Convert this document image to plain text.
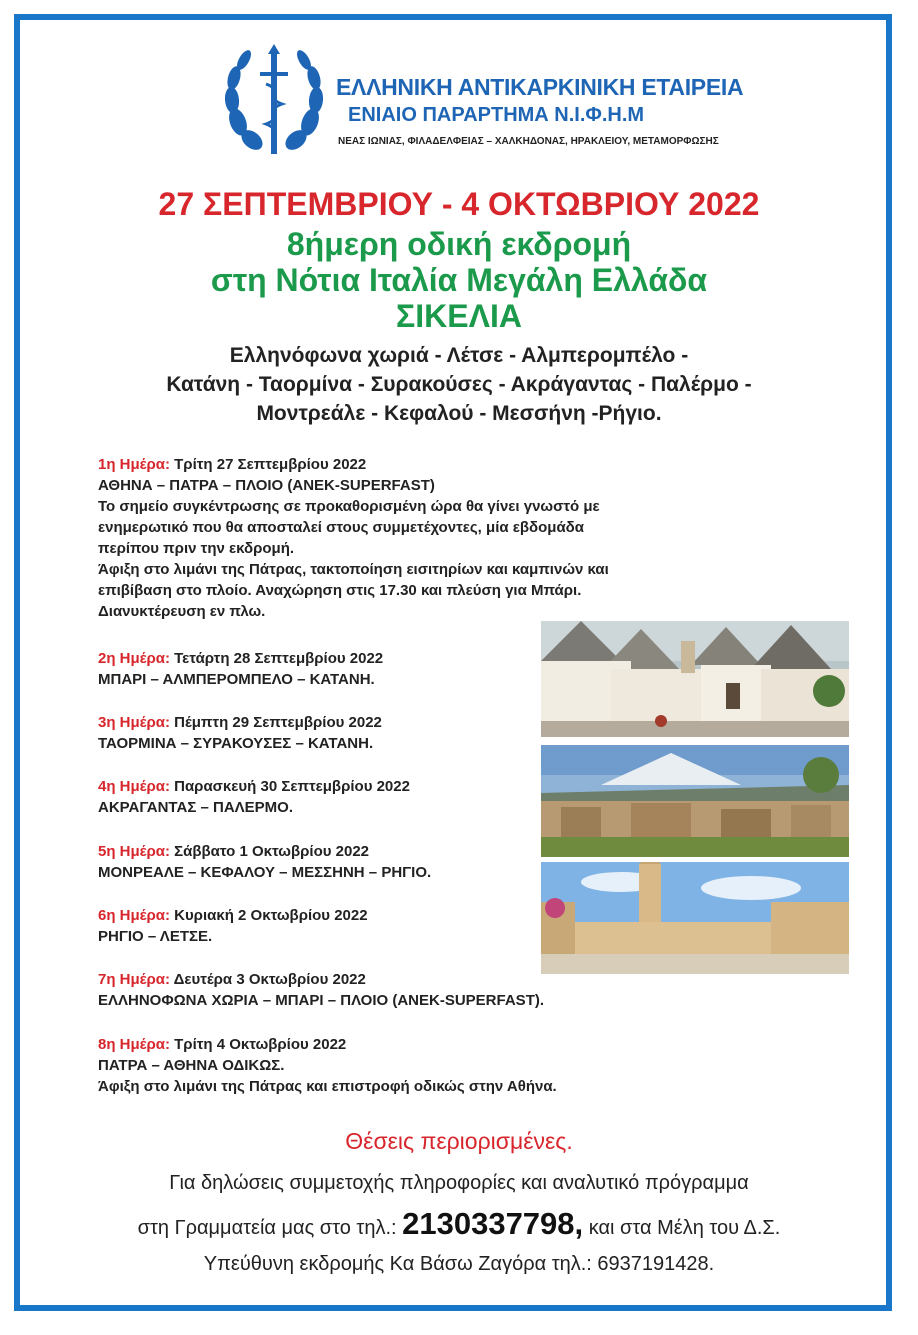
ΕΛΛΗΝΙΚΗ ΑΝΤΙΚΑΡΚΙΝΙΚΗ ΕΤΑΙΡΕΙΑ
ΕΝΙΑΙΟ ΠΑΡΑΡΤΗΜΑ Ν.Ι.Φ.Η.Μ
ΝΕΑΣ ΙΩΝΙΑΣ, ΦΙΛΑΔΕΛΦΕΙΑΣ – ΧΑΛΚΗΔΟΝΑΣ, ΗΡΑΚΛΕΙΟΥ, ΜΕΤΑΜΟΡΦΩΣΗΣ
27 ΣΕΠΤΕΜΒΡΙΟΥ - 4 ΟΚΤΩΒΡΙΟΥ 2022
8ήμερη οδική εκδρομή
στη Νότια Ιταλία Μεγάλη Ελλάδα
ΣΙΚΕΛΙΑ
Ελληνόφωνα χωριά - Λέτσε - Αλμπερομπέλο -
Κατάνη - Ταορμίνα - Συρακούσες - Ακράγαντας - Παλέρμο -
Μοντρεάλε - Κεφαλού - Μεσσήνη -Ρήγιο.
1η Ημέρα: Τρίτη 27 Σεπτεμβρίου 2022
ΑΘΗΝΑ – ΠΑΤΡΑ – ΠΛΟΙΟ (ANEK-SUPERFAST)
Το σημείο συγκέντρωσης σε προκαθορισμένη ώρα θα γίνει γνωστό με
ενημερωτικό που θα αποσταλεί στους συμμετέχοντες, μία εβδομάδα
περίπου πριν την εκδρομή.
Άφιξη στο λιμάνι της Πάτρας, τακτοποίηση εισιτηρίων και καμπινών και
επιβίβαση στο πλοίο. Αναχώρηση στις 17.30 και πλεύση για Μπάρι.
Διανυκτέρευση εν πλω.
2η Ημέρα: Τετάρτη 28 Σεπτεμβρίου 2022
ΜΠΑΡΙ – ΑΛΜΠΕΡΟΜΠΕΛΟ – ΚΑΤΑΝΗ.
3η Ημέρα: Πέμπτη 29 Σεπτεμβρίου 2022
ΤΑΟΡΜΙΝΑ – ΣΥΡΑΚΟΥΣΕΣ – ΚΑΤΑΝΗ.
4η Ημέρα: Παρασκευή 30 Σεπτεμβρίου 2022
ΑΚΡΑΓΑΝΤΑΣ – ΠΑΛΕΡΜΟ.
5η Ημέρα: Σάββατο 1 Οκτωβρίου 2022
ΜΟΝΡΕΑΛΕ – ΚΕΦΑΛΟΥ – ΜΕΣΣΗΝΗ – ΡΗΓΙΟ.
6η Ημέρα: Κυριακή 2 Οκτωβρίου 2022
ΡΗΓΙΟ – ΛΕΤΣΕ.
7η Ημέρα: Δευτέρα 3 Οκτωβρίου 2022
ΕΛΛΗΝΟΦΩΝΑ ΧΩΡΙΑ – ΜΠΑΡΙ – ΠΛΟΙΟ (ANEK-SUPERFAST).
8η Ημέρα: Τρίτη 4 Οκτωβρίου 2022
ΠΑΤΡΑ – ΑΘΗΝΑ ΟΔΙΚΩΣ.
Άφιξη στο λιμάνι της Πάτρας και επιστροφή οδικώς στην Αθήνα.
Θέσεις περιορισμένες.
Για δηλώσεις συμμετοχής πληροφορίες και αναλυτικό πρόγραμμα
στη Γραμματεία μας στο τηλ.: 2130337798, και στα Μέλη του Δ.Σ.
Υπεύθυνη εκδρομής Κα Βάσω Ζαγόρα τηλ.: 6937191428.
